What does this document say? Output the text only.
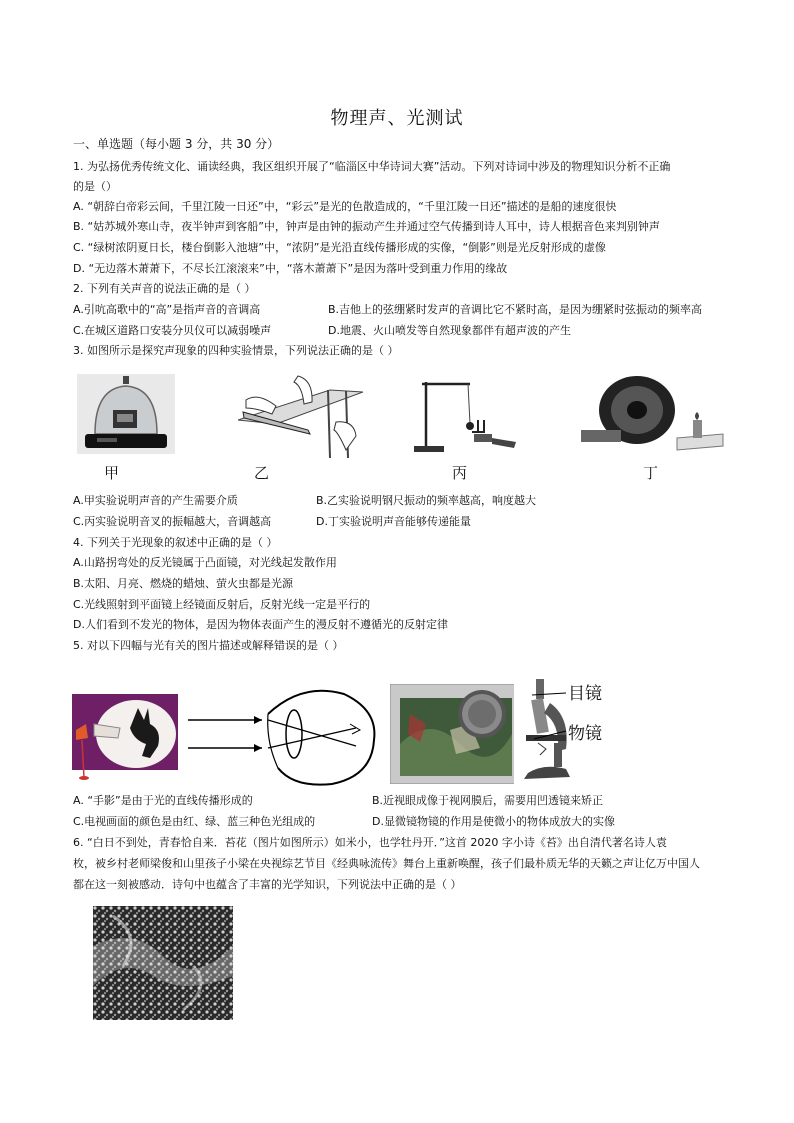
物理声、光测试
一、单选题（每小题 3 分，共 30 分）
1. 为弘扬优秀传统文化、诵读经典，我区组织开展了“临淄区中华诗词大赛”活动。下列对诗词中涉及的物理知识分析不正确
的是（）
A. “朝辞白帝彩云间，千里江陵一日还”中，“彩云”是光的色散造成的，“千里江陵一日还”描述的是船的速度很快
B. “姑苏城外寒山寺，夜半钟声到客船”中，钟声是由钟的振动产生并通过空气传播到诗人耳中，诗人根据音色来判别钟声
C. “绿树浓阴夏日长，楼台倒影入池塘”中，“浓阴”是光沿直线传播形成的实像，“倒影”则是光反射形成的虚像
D. “无边落木萧萧下，不尽长江滚滚来”中，“落木萧萧下”是因为落叶受到重力作用的缘故
2. 下列有关声音的说法正确的是（ ）
A.引吭高歌中的“高”是指声音的音调高	B.吉他上的弦绷紧时发声的音调比它不紧时高，是因为绷紧时弦振动的频率高
C.在城区道路口安装分贝仪可以减弱噪声	D.地震、火山喷发等自然现象都伴有超声波的产生
3. 如图所示是探究声现象的四种实验情景，下列说法正确的是（ ）
甲	乙	丙	丁
A.甲实验说明声音的产生需要介质	B.乙实验说明钢尺振动的频率越高，响度越大
C.丙实验说明音叉的振幅越大，音调越高	D.丁实验说明声音能够传递能量
4. 下列关于光现象的叙述中正确的是（ ）
A.山路拐弯处的反光镜属于凸面镜，对光线起发散作用
B.太阳、月亮、燃烧的蜡烛、萤火虫都是光源
C.光线照射到平面镜上经镜面反射后，反射光线一定是平行的
D.人们看到不发光的物体，是因为物体表面产生的漫反射不遵循光的反射定律
5. 对以下四幅与光有关的图片描述或解释错误的是（ ）
目镜
物镜
A. “手影”是由于光的直线传播形成的	B.近视眼成像于视网膜后，需要用凹透镜来矫正
C.电视画面的颜色是由红、绿、蓝三种色光组成的	D.显微镜物镜的作用是使微小的物体成放大的实像
6. “白日不到处，青春恰自来．苔花（图片如图所示）如米小，也学牡丹开．”这首 2020 字小诗《苔》出自清代著名诗人袁
枚，被乡村老师梁俊和山里孩子小梁在央视综艺节目《经典咏流传》舞台上重新唤醒，孩子们最朴质无华的天籁之声让亿万中国人
都在这一刻被感动．诗句中也蕴含了丰富的光学知识，下列说法中正确的是（ ）
